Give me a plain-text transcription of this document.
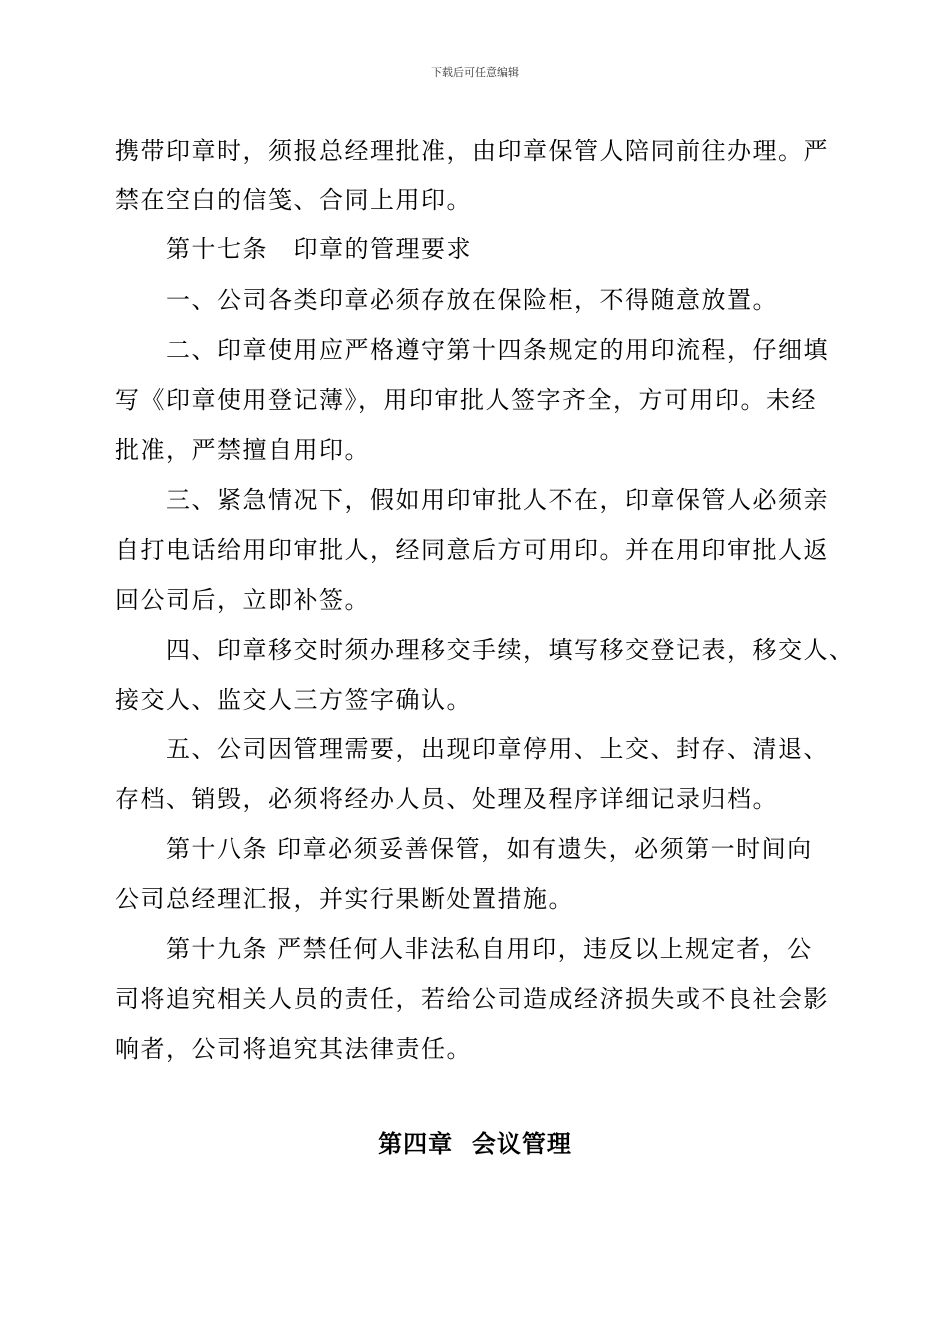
下载后可任意编辑
携带印章时，须报总经理批准，由印章保管人陪同前往办理。严
禁在空白的信笺、合同上用印。
第十七条　印章的管理要求
一、公司各类印章必须存放在保险柜，不得随意放置。
二、印章使用应严格遵守第十四条规定的用印流程，仔细填
写《印章使用登记薄》，用印审批人签字齐全，方可用印。未经
批准，严禁擅自用印。
三、紧急情况下，假如用印审批人不在，印章保管人必须亲
自打电话给用印审批人，经同意后方可用印。并在用印审批人返
回公司后，立即补签。
四、印章移交时须办理移交手续，填写移交登记表，移交人、
接交人、监交人三方签字确认。
五、公司因管理需要，出现印章停用、上交、封存、清退、
存档、销毁，必须将经办人员、处理及程序详细记录归档。
第十八条 印章必须妥善保管，如有遗失，必须第一时间向
公司总经理汇报，并实行果断处置措施。
第十九条 严禁任何人非法私自用印，违反以上规定者，公
司将追究相关人员的责任，若给公司造成经济损失或不良社会影
响者，公司将追究其法律责任。
第四章  会议管理
